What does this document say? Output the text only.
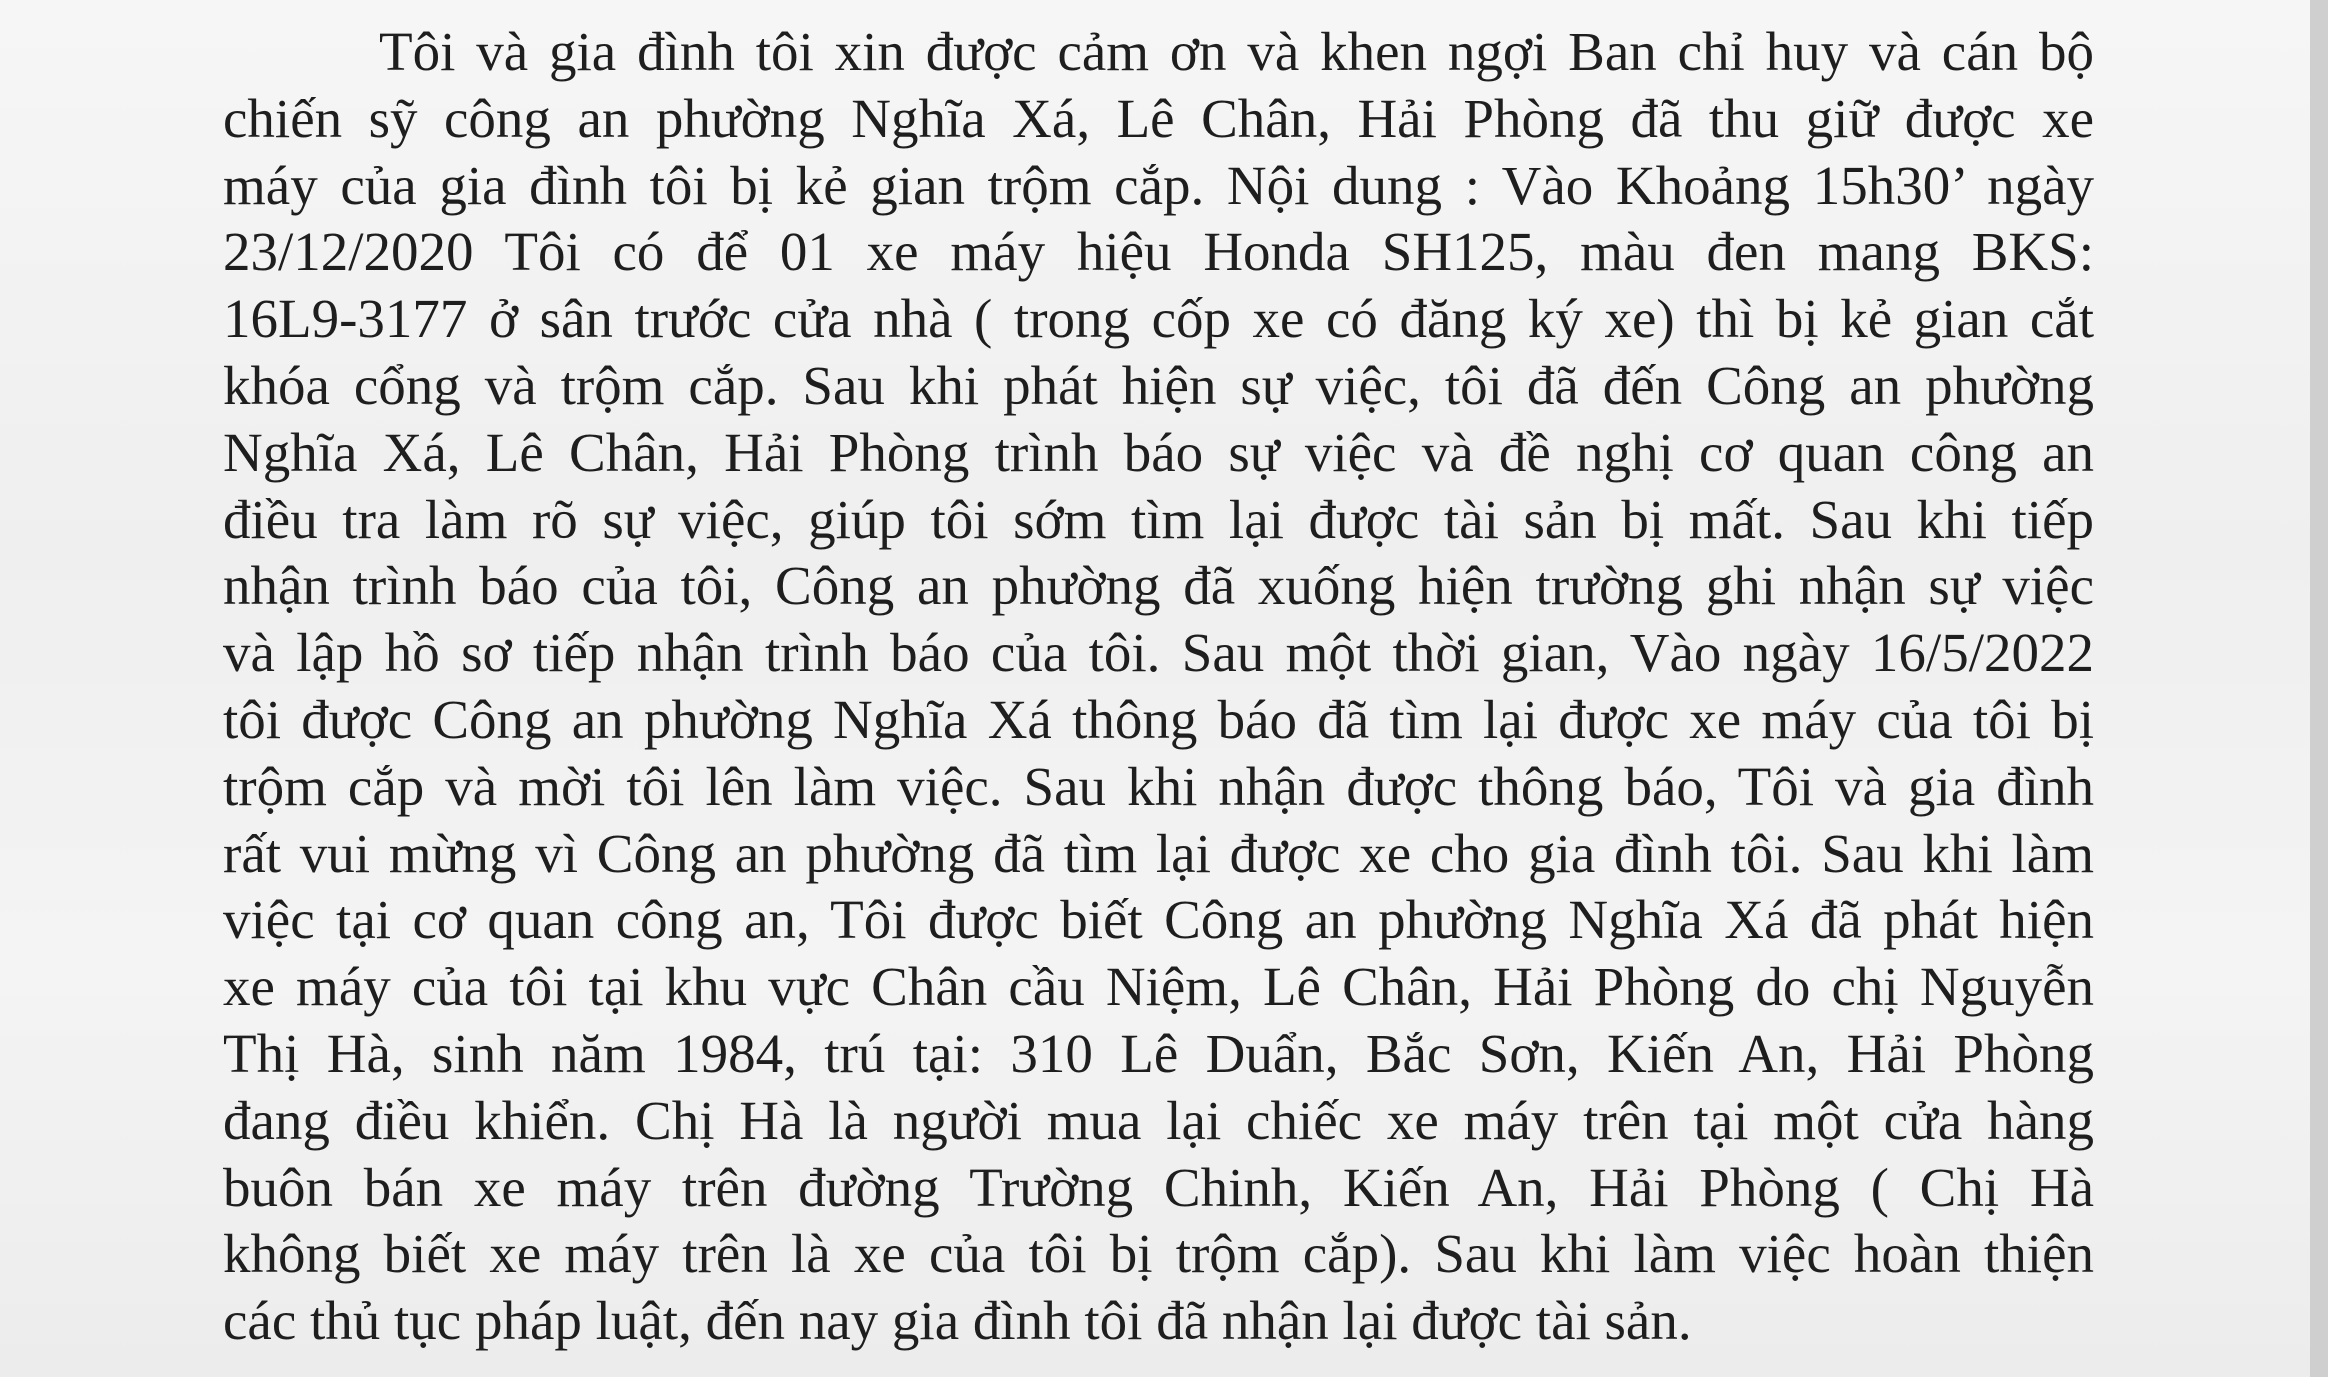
Tôi và gia đình tôi xin được cảm ơn và khen ngợi Ban chỉ huy và cán bộ
chiến sỹ công an phường Nghĩa Xá, Lê Chân, Hải Phòng đã thu giữ được xe
máy của gia đình tôi bị kẻ gian trộm cắp. Nội dung : Vào Khoảng 15h30’ ngày
23/12/2020 Tôi có để 01 xe máy hiệu Honda SH125, màu đen mang BKS:
16L9-3177 ở sân trước cửa nhà ( trong cốp xe có đăng ký xe) thì bị kẻ gian cắt
khóa cổng và trộm cắp. Sau khi phát hiện sự việc, tôi đã đến Công an phường
Nghĩa Xá, Lê Chân, Hải Phòng trình báo sự việc và đề nghị cơ quan công an
điều tra làm rõ sự việc, giúp tôi sớm tìm lại được tài sản bị mất. Sau khi tiếp
nhận trình báo của tôi, Công an phường đã xuống hiện trường ghi nhận sự việc
và lập hồ sơ tiếp nhận trình báo của tôi. Sau một thời gian, Vào ngày 16/5/2022
tôi được Công an phường Nghĩa Xá thông báo đã tìm lại được xe máy của tôi bị
trộm cắp và mời tôi lên làm việc. Sau khi nhận được thông báo, Tôi và gia đình
rất vui mừng vì Công an phường đã tìm lại được xe cho gia đình tôi. Sau khi làm
việc tại cơ quan công an, Tôi được biết Công an phường Nghĩa Xá đã phát hiện
xe máy của tôi tại khu vực Chân cầu Niệm, Lê Chân, Hải Phòng do chị Nguyễn
Thị Hà, sinh năm 1984, trú tại: 310 Lê Duẩn, Bắc Sơn, Kiến An, Hải Phòng
đang điều khiển. Chị Hà là người mua lại chiếc xe máy trên tại một cửa hàng
buôn bán xe máy trên đường Trường Chinh, Kiến An, Hải Phòng ( Chị Hà
không biết xe máy trên là xe của tôi bị trộm cắp). Sau khi làm việc hoàn thiện
các thủ tục pháp luật, đến nay gia đình tôi đã nhận lại được tài sản.
